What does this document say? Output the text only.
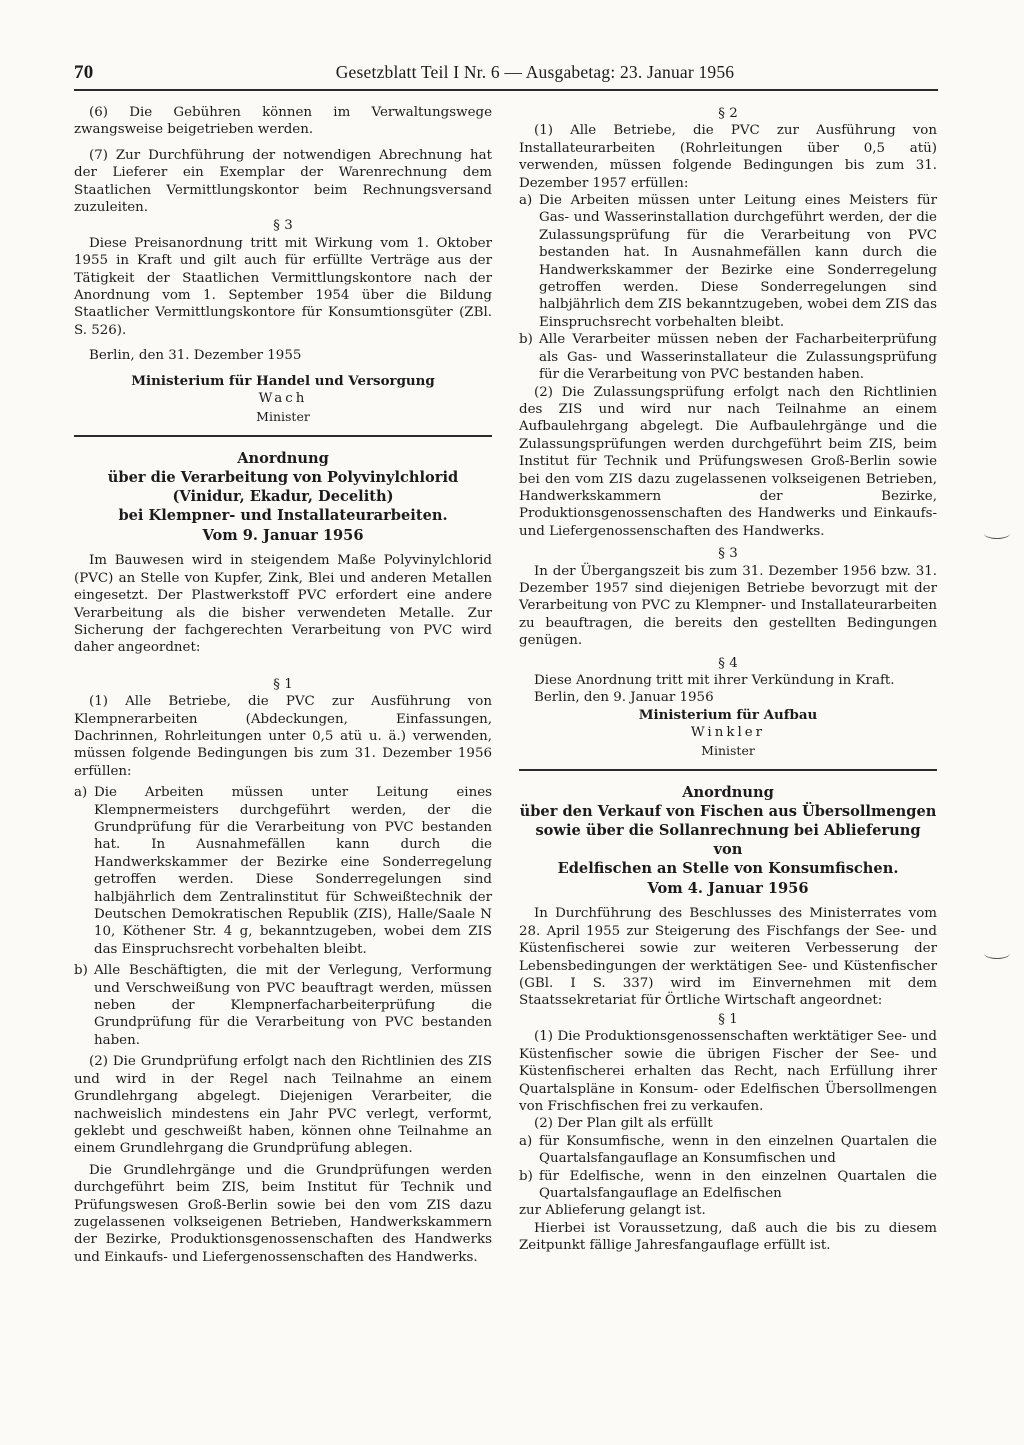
70	Gesetzblatt Teil I Nr. 6 — Ausgabetag: 23. Januar 1956

(6) Die Gebühren können im Verwaltungswege zwangsweise beigetrieben werden.

(7) Zur Durchführung der notwendigen Abrechnung hat der Lieferer ein Exemplar der Warenrechnung dem Staatlichen Vermittlungskontor beim Rechnungsversand zuzuleiten.

§ 3

Diese Preisanordnung tritt mit Wirkung vom 1. Oktober 1955 in Kraft und gilt auch für erfüllte Verträge aus der Tätigkeit der Staatlichen Vermittlungskontore nach der Anordnung vom 1. September 1954 über die Bildung Staatlicher Vermittlungskontore für Konsumtionsgüter (ZBl. S. 526).

Berlin, den 31. Dezember 1955

Ministerium für Handel und Versorgung
Wach
Minister
Anordnung
über die Verarbeitung von Polyvinylchlorid
(Vinidur, Ekadur, Decelith)
bei Klempner- und Installateurarbeiten.
Vom 9. Januar 1956

Im Bauwesen wird in steigendem Maße Polyvinylchlorid (PVC) an Stelle von Kupfer, Zink, Blei und anderen Metallen eingesetzt. Der Plastwerkstoff PVC erfordert eine andere Verarbeitung als die bisher verwendeten Metalle. Zur Sicherung der fachgerechten Verarbeitung von PVC wird daher angeordnet:

§ 1

(1) Alle Betriebe, die PVC zur Ausführung von Klempnerarbeiten (Abdeckungen, Einfassungen, Dachrinnen, Rohrleitungen unter 0,5 atü u. ä.) verwenden, müssen folgende Bedingungen bis zum 31. Dezember 1956 erfüllen:

a) Die Arbeiten müssen unter Leitung eines Klempnermeisters durchgeführt werden, der die Grundprüfung für die Verarbeitung von PVC bestanden hat. In Ausnahmefällen kann durch die Handwerkskammer der Bezirke eine Sonderregelung getroffen werden. Diese Sonderregelungen sind halbjährlich dem Zentralinstitut für Schweißtechnik der Deutschen Demokratischen Republik (ZIS), Halle/Saale N 10, Köthener Str. 4 g, bekanntzugeben, wobei dem ZIS das Einspruchsrecht vorbehalten bleibt.
b) Alle Beschäftigten, die mit der Verlegung, Verformung und Verschweißung von PVC beauftragt werden, müssen neben der Klempnerfacharbeiterprüfung die Grundprüfung für die Verarbeitung von PVC bestanden haben.

(2) Die Grundprüfung erfolgt nach den Richtlinien des ZIS und wird in der Regel nach Teilnahme an einem Grundlehrgang abgelegt. Diejenigen Verarbeiter, die nachweislich mindestens ein Jahr PVC verlegt, verformt, geklebt und geschweißt haben, können ohne Teilnahme an einem Grundlehrgang die Grundprüfung ablegen.

Die Grundlehrgänge und die Grundprüfungen werden durchgeführt beim ZIS, beim Institut für Technik und Prüfungswesen Groß-Berlin sowie bei den vom ZIS dazu zugelassenen volkseigenen Betrieben, Handwerkskammern der Bezirke, Produktionsgenossenschaften des Handwerks und Einkaufs- und Liefergenossenschaften des Handwerks.

§ 2

(1) Alle Betriebe, die PVC zur Ausführung von Installateurarbeiten (Rohrleitungen über 0,5 atü) verwenden, müssen folgende Bedingungen bis zum 31. Dezember 1957 erfüllen:

a) Die Arbeiten müssen unter Leitung eines Meisters für Gas- und Wasserinstallation durchgeführt werden, der die Zulassungsprüfung für die Verarbeitung von PVC bestanden hat. In Ausnahmefällen kann durch die Handwerkskammer der Bezirke eine Sonderregelung getroffen werden. Diese Sonderregelungen sind halbjährlich dem ZIS bekanntzugeben, wobei dem ZIS das Einspruchsrecht vorbehalten bleibt.
b) Alle Verarbeiter müssen neben der Facharbeiterprüfung als Gas- und Wasserinstallateur die Zulassungsprüfung für die Verarbeitung von PVC bestanden haben.

(2) Die Zulassungsprüfung erfolgt nach den Richtlinien des ZIS und wird nur nach Teilnahme an einem Aufbaulehrgang abgelegt. Die Aufbaulehrgänge und die Zulassungsprüfungen werden durchgeführt beim ZIS, beim Institut für Technik und Prüfungswesen Groß-Berlin sowie bei den vom ZIS dazu zugelassenen volkseigenen Betrieben, Handwerkskammern der Bezirke, Produktionsgenossenschaften des Handwerks und Einkaufs- und Liefergenossenschaften des Handwerks.

§ 3

In der Übergangszeit bis zum 31. Dezember 1956 bzw. 31. Dezember 1957 sind diejenigen Betriebe bevorzugt mit der Verarbeitung von PVC zu Klempner- und Installateurarbeiten zu beauftragen, die bereits den gestellten Bedingungen genügen.

§ 4

Diese Anordnung tritt mit ihrer Verkündung in Kraft.

Berlin, den 9. Januar 1956

Ministerium für Aufbau
Winkler
Minister
Anordnung
über den Verkauf von Fischen aus Übersollmengen
sowie über die Sollanrechnung bei Ablieferung von
Edelfischen an Stelle von Konsumfischen.
Vom 4. Januar 1956

In Durchführung des Beschlusses des Ministerrates vom 28. April 1955 zur Steigerung des Fischfangs der See- und Küstenfischerei sowie zur weiteren Verbesserung der Lebensbedingungen der werktätigen See- und Küstenfischer (GBl. I S. 337) wird im Einvernehmen mit dem Staatssekretariat für Örtliche Wirtschaft angeordnet:

§ 1

(1) Die Produktionsgenossenschaften werktätiger See- und Küstenfischer sowie die übrigen Fischer der See- und Küstenfischerei erhalten das Recht, nach Erfüllung ihrer Quartalspläne in Konsum- oder Edelfischen Übersollmengen von Frischfischen frei zu verkaufen.

(2) Der Plan gilt als erfüllt

a) für Konsumfische, wenn in den einzelnen Quartalen die Quartalsfangauflage an Konsumfischen und
b) für Edelfische, wenn in den einzelnen Quartalen die Quartalsfangauflage an Edelfischen

zur Ablieferung gelangt ist.

Hierbei ist Voraussetzung, daß auch die bis zu diesem Zeitpunkt fällige Jahresfangauflage erfüllt ist.
